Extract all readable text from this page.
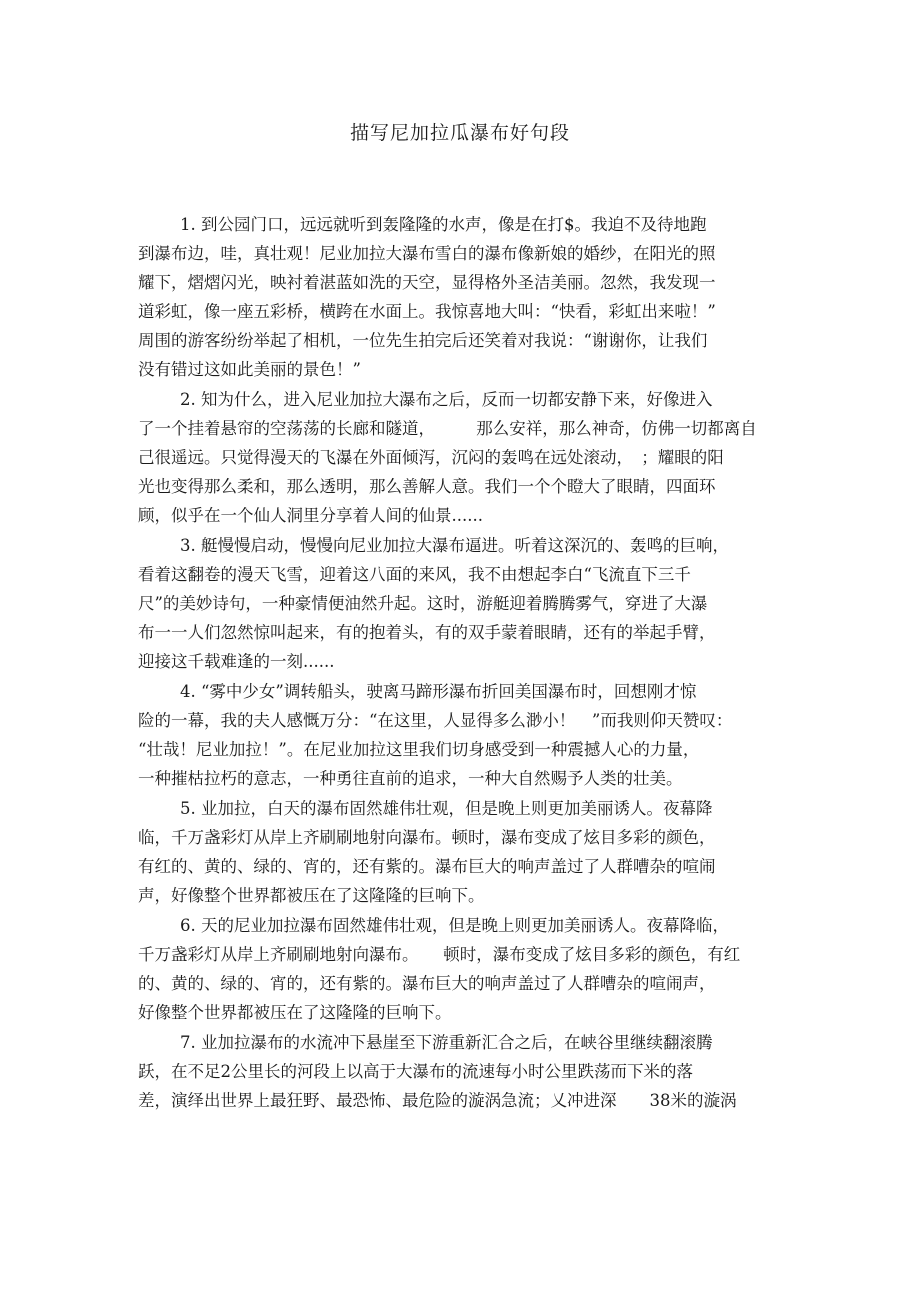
描写尼加拉瓜瀑布好句段
1. 到公园门口，远远就听到轰隆隆的水声，像是在打$。我迫不及待地跑
到瀑布边，哇，真壮观！尼业加拉大瀑布雪白的瀑布像新娘的婚纱，在阳光的照
耀下，熠熠闪光，映衬着湛蓝如洗的天空，显得格外圣洁美丽。忽然，我发现一
道彩虹，像一座五彩桥，横跨在水面上。我惊喜地大叫：“快看，彩虹出来啦！”
周围的游客纷纷举起了相机，一位先生拍完后还笑着对我说：“谢谢你，让我们
没有错过这如此美丽的景色！”
2. 知为什么，进入尼业加拉大瀑布之后，反而一切都安静下来，好像进入
了一个挂着悬帘的空荡荡的长廊和隧道，　　　那么安祥，那么神奇，仿佛一切都离自
己很遥远。只觉得漫天的飞瀑在外面倾泻，沉闷的轰鸣在远处滚动，　；耀眼的阳
光也变得那么柔和，那么透明，那么善解人意。我们一个个瞪大了眼睛，四面环
顾，似乎在一个仙人洞里分享着人间的仙景......
3. 艇慢慢启动，慢慢向尼业加拉大瀑布逼进。听着这深沉的、轰鸣的巨响，
看着这翻卷的漫天飞雪，迎着这八面的来风，我不由想起李白“飞流直下三千
尺”的美妙诗句，一种豪情便油然升起。这时，游艇迎着腾腾雾气，穿进了大瀑
布一一人们忽然惊叫起来，有的抱着头，有的双手蒙着眼睛，还有的举起手臂，
迎接这千载难逢的一刻......
4. “雾中少女”调转船头，驶离马蹄形瀑布折回美国瀑布时，回想刚才惊
险的一幕，我的夫人感慨万分：“在这里，人显得多么渺小！　”而我则仰天赞叹：
“壮哉！尼业加拉！”。在尼业加拉这里我们切身感受到一种震撼人心的力量，
一种摧枯拉朽的意志，一种勇往直前的追求，一种大自然赐予人类的壮美。
5. 业加拉，白天的瀑布固然雄伟壮观，但是晚上则更加美丽诱人。夜幕降
临，千万盏彩灯从岸上齐刷刷地射向瀑布。顿时，瀑布变成了炫目多彩的颜色，
有红的、黄的、绿的、宵的，还有紫的。瀑布巨大的响声盖过了人群嘈杂的喧闹
声，好像整个世界都被压在了这隆隆的巨响下。
6. 天的尼业加拉瀑布固然雄伟壮观，但是晚上则更加美丽诱人。夜幕降临，
千万盏彩灯从岸上齐刷刷地射向瀑布。　　顿时，瀑布变成了炫目多彩的颜色，有红
的、黄的、绿的、宵的，还有紫的。瀑布巨大的响声盖过了人群嘈杂的喧闹声，
好像整个世界都被压在了这隆隆的巨响下。
7. 业加拉瀑布的水流冲下悬崖至下游重新汇合之后，在峡谷里继续翻滚腾
跃，在不足2公里长的河段上以高于大瀑布的流速每小时公里跌荡而下米的落
差，演绎出世界上最狂野、最恐怖、最危险的漩涡急流；乂冲进深　　38米的漩涡
